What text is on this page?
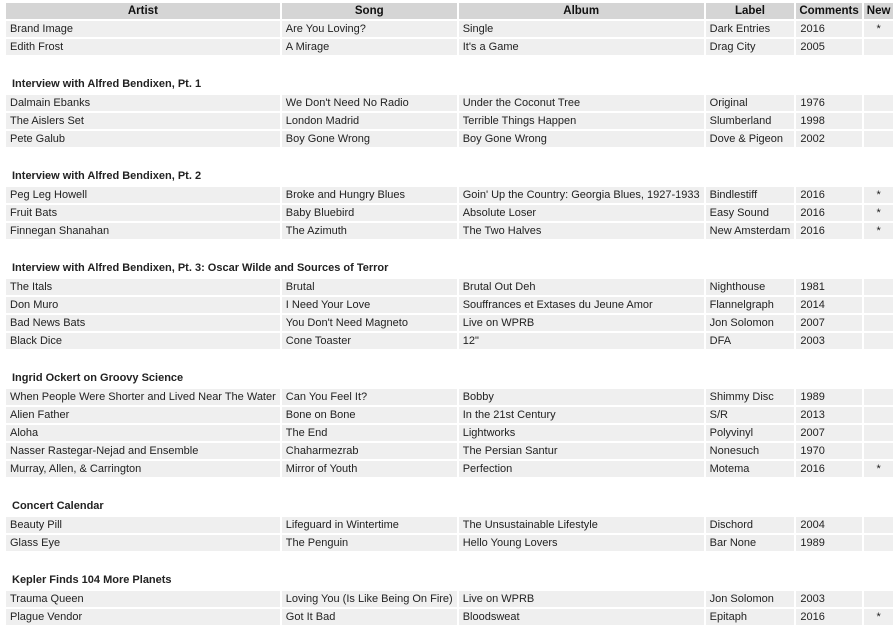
Artist	Song	Album	Label	Comments	New
Brand Image	Are You Loving?	Single	Dark Entries	2016	*
Edith Frost	A Mirage	It's a Game	Drag City	2005	

Interview with Alfred Bendixen, Pt. 1					
Dalmain Ebanks	We Don't Need No Radio	Under the Coconut Tree	Original	1976	
The Aislers Set	London Madrid	Terrible Things Happen	Slumberland	1998	
Pete Galub	Boy Gone Wrong	Boy Gone Wrong	Dove & Pigeon	2002	

Interview with Alfred Bendixen, Pt. 2					
Peg Leg Howell	Broke and Hungry Blues	Goin' Up the Country: Georgia Blues, 1927-1933	Bindlestiff	2016	*
Fruit Bats	Baby Bluebird	Absolute Loser	Easy Sound	2016	*
Finnegan Shanahan	The Azimuth	The Two Halves	New Amsterdam	2016	*

Interview with Alfred Bendixen, Pt. 3: Oscar Wilde and Sources of Terror					
The Itals	Brutal	Brutal Out Deh	Nighthouse	1981	
Don Muro	I Need Your Love	Souffrances et Extases du Jeune Amor	Flannelgraph	2014	
Bad News Bats	You Don't Need Magneto	Live on WPRB	Jon Solomon	2007	
Black Dice	Cone Toaster	12"	DFA	2003	

Ingrid Ockert on Groovy Science					
When People Were Shorter and Lived Near The Water	Can You Feel It?	Bobby	Shimmy Disc	1989	
Alien Father	Bone on Bone	In the 21st Century	S/R	2013	
Aloha	The End	Lightworks	Polyvinyl	2007	
Nasser Rastegar-Nejad and Ensemble	Chaharmezrab	The Persian Santur	Nonesuch	1970	
Murray, Allen, & Carrington	Mirror of Youth	Perfection	Motema	2016	*

Concert Calendar					
Beauty Pill	Lifeguard in Wintertime	The Unsustainable Lifestyle	Dischord	2004	
Glass Eye	The Penguin	Hello Young Lovers	Bar None	1989	

Kepler Finds 104 More Planets					
Trauma Queen	Loving You (Is Like Being On Fire)	Live on WPRB	Jon Solomon	2003	
Plague Vendor	Got It Bad	Bloodsweat	Epitaph	2016	*
